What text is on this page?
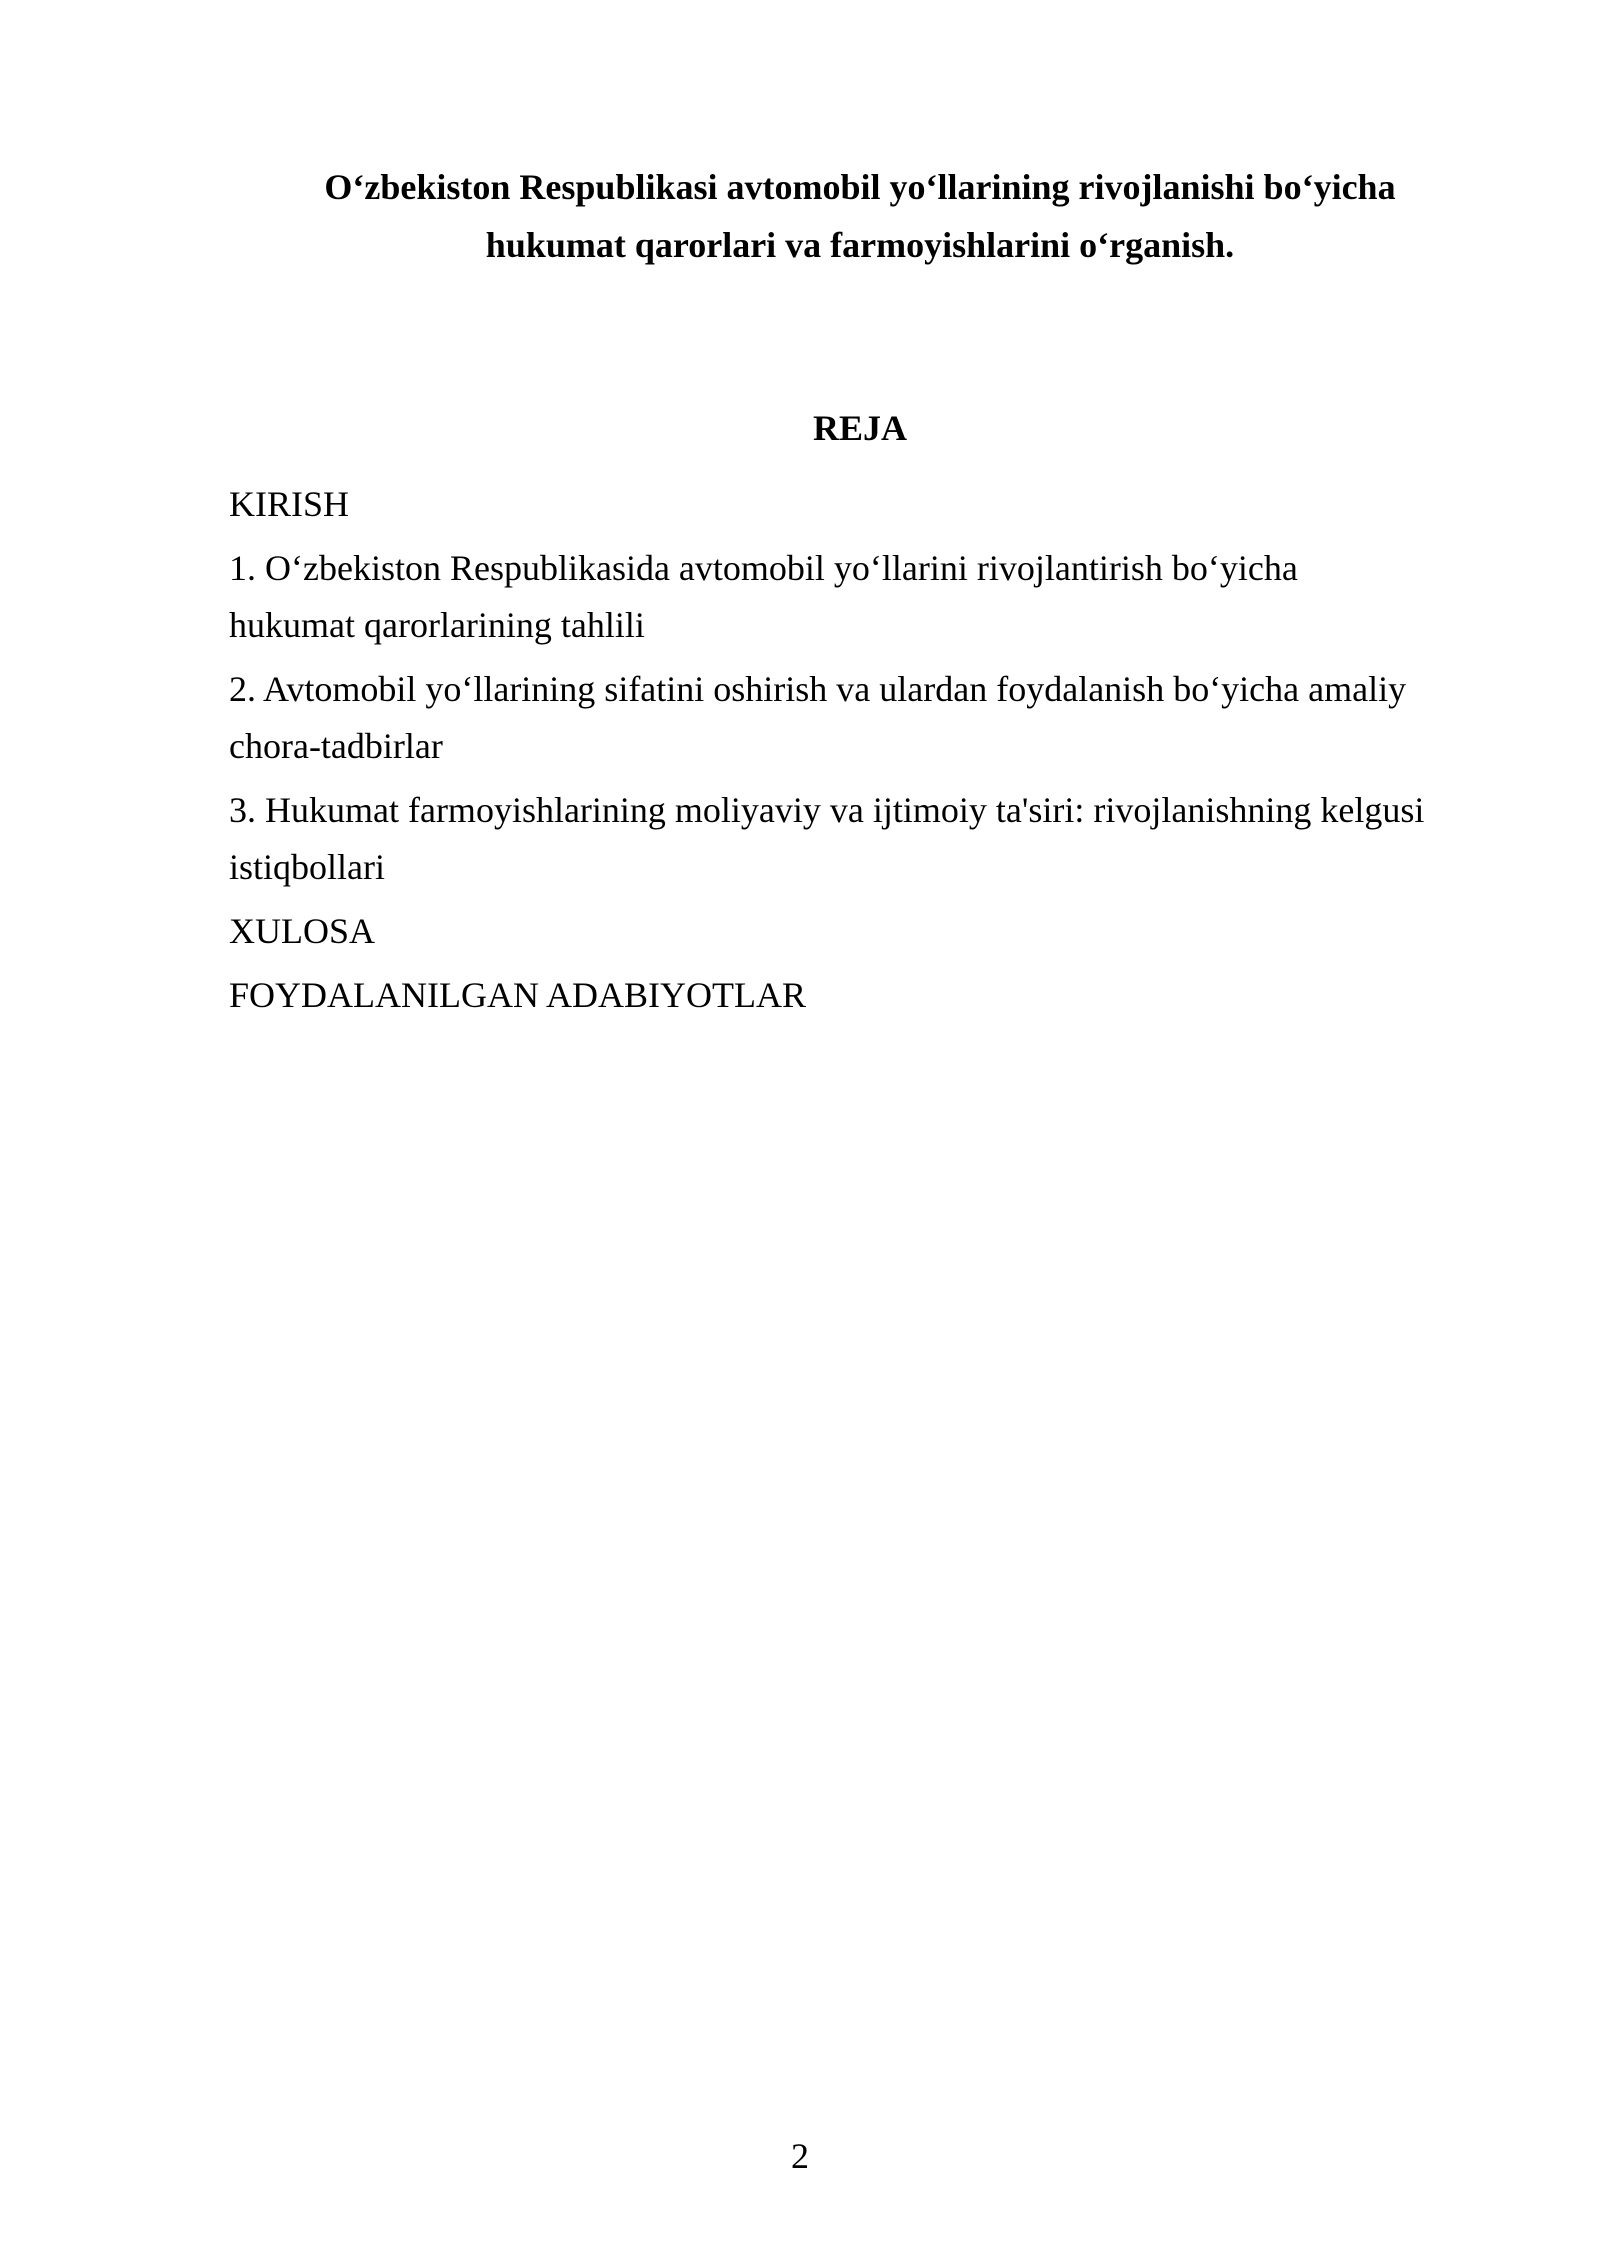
O‘zbekiston Respublikasi avtomobil yo‘llarining rivojlanishi bo‘yicha
hukumat qarorlari va farmoyishlarini o‘rganish.
REJA
KIRISH
1. O‘zbekiston Respublikasida avtomobil yo‘llarini rivojlantirish bo‘yicha
hukumat qarorlarining tahlili
2. Avtomobil yo‘llarining sifatini oshirish va ulardan foydalanish bo‘yicha amaliy
chora-tadbirlar
3. Hukumat farmoyishlarining moliyaviy va ijtimoiy ta'siri: rivojlanishning kelgusi
istiqbollari
XULOSA
FOYDALANILGAN ADABIYOTLAR
2
